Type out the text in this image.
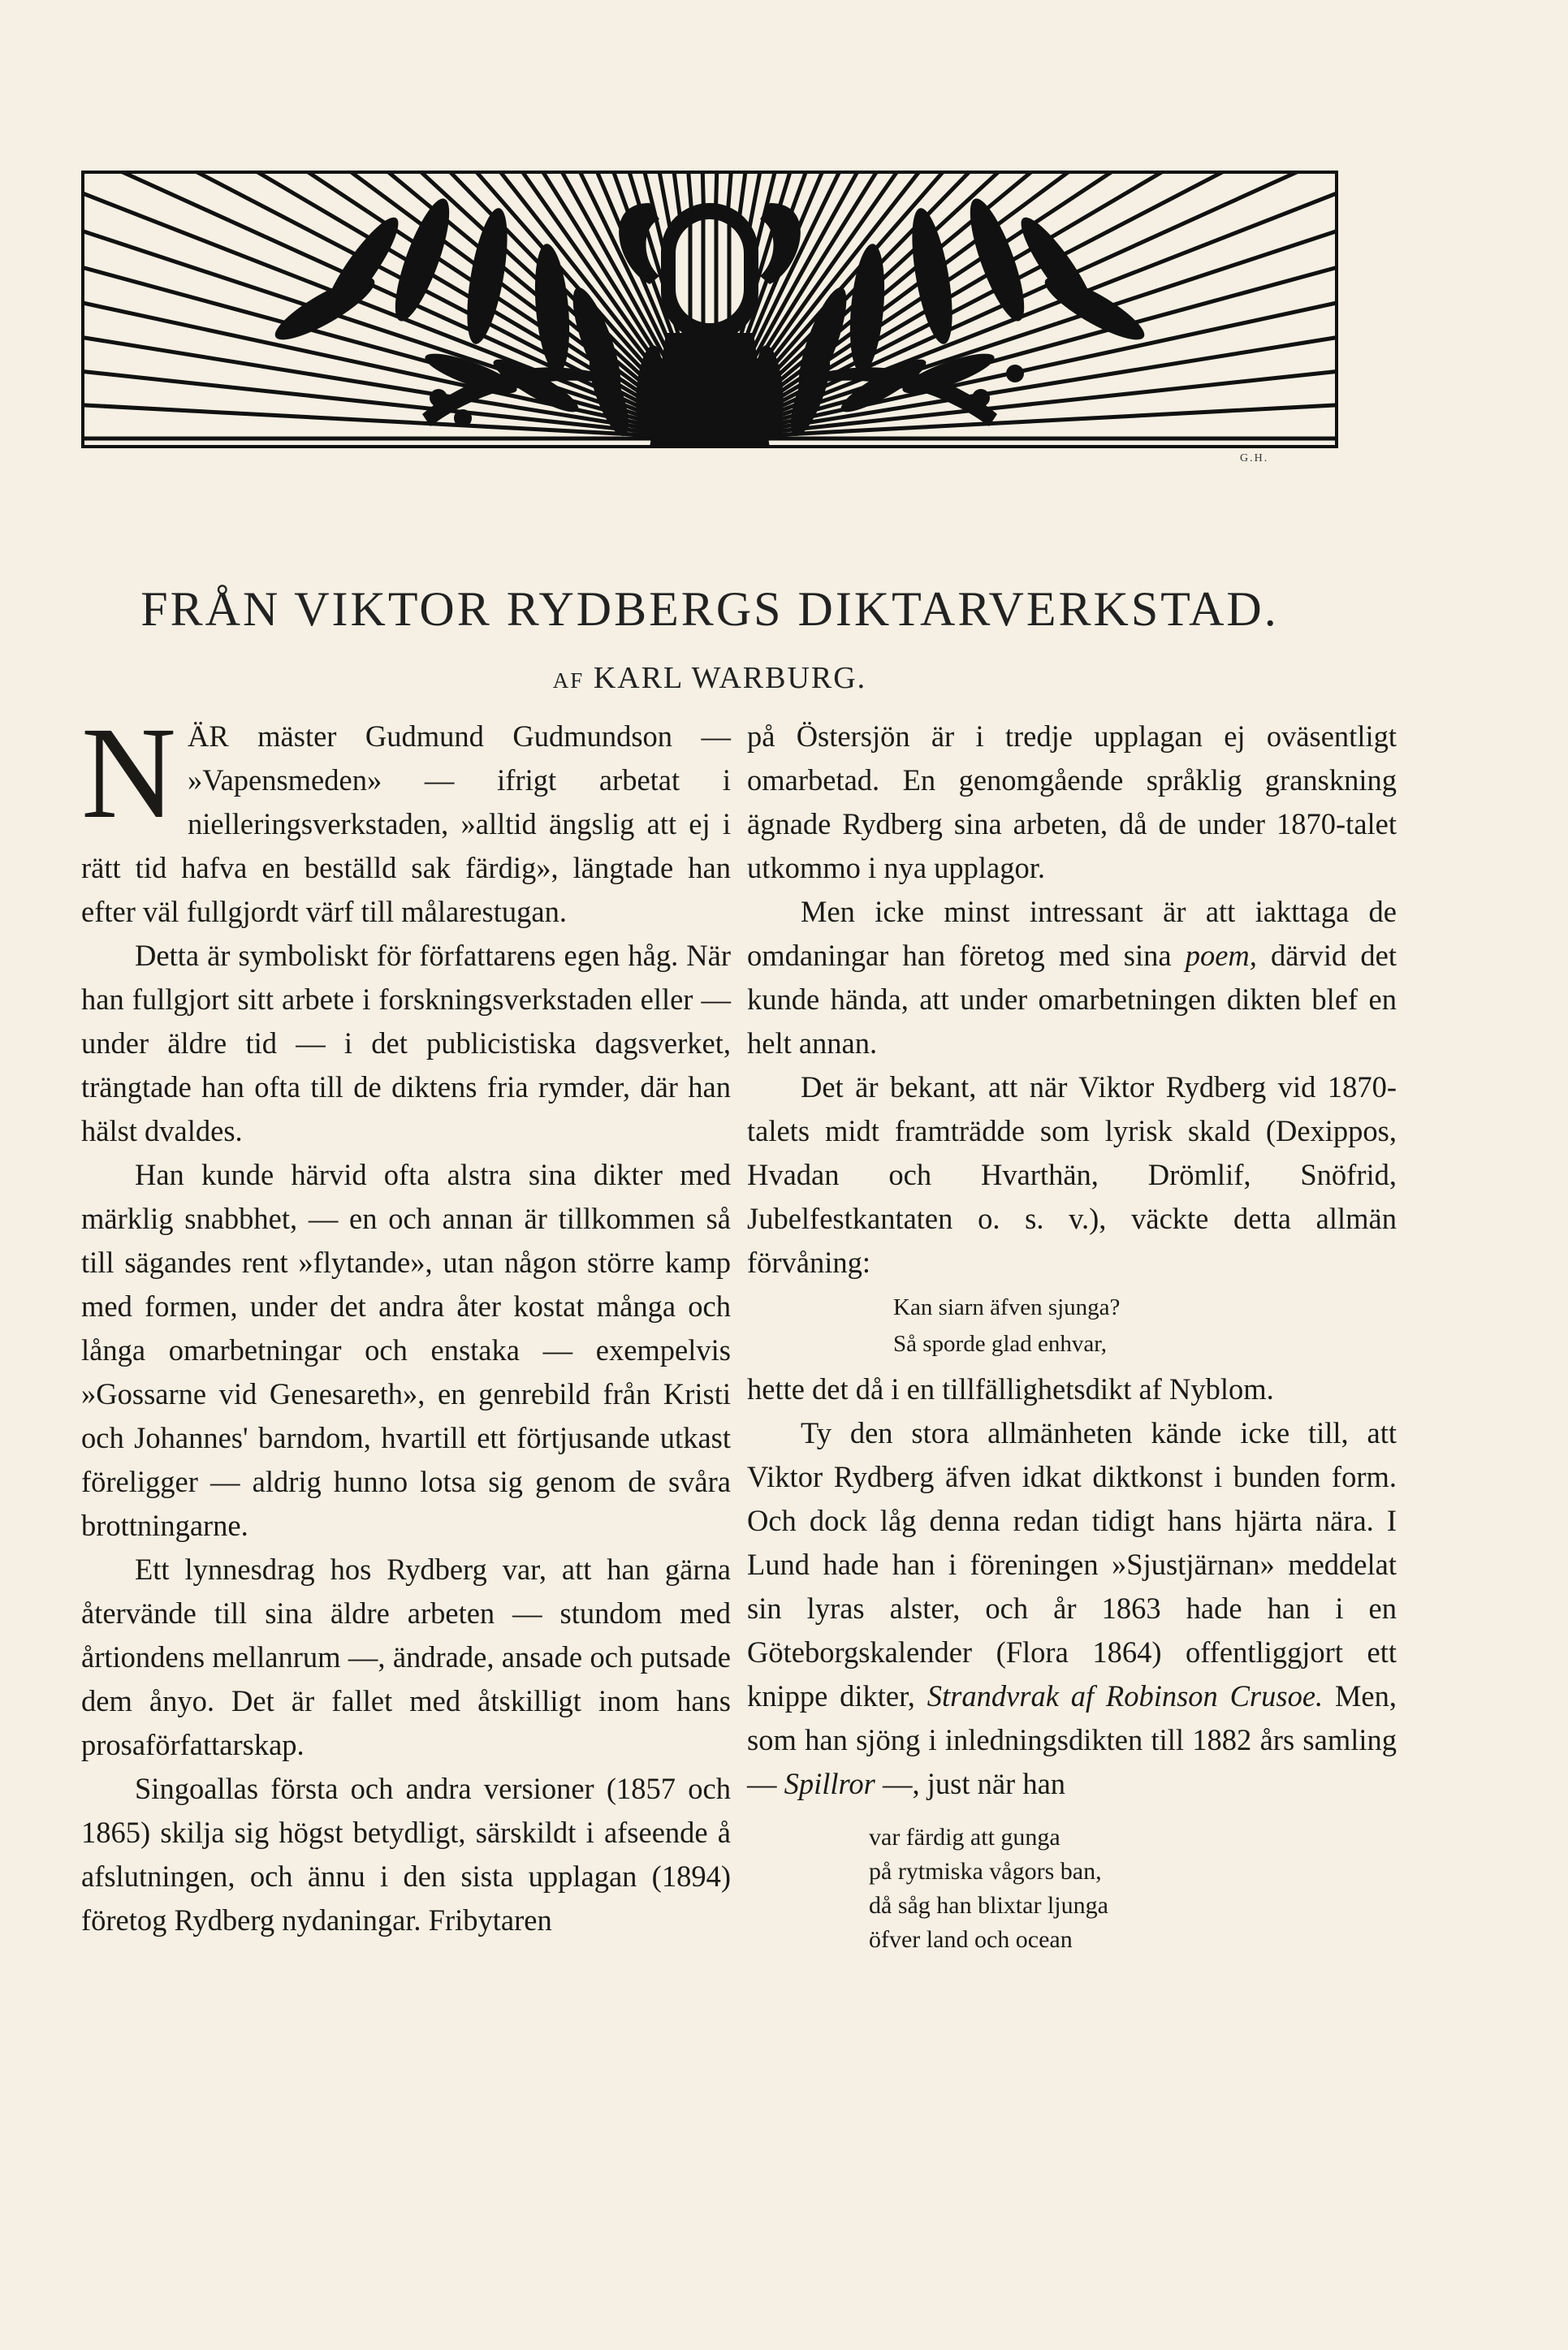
G.H.
FRÅN VIKTOR RYDBERGS DIKTARVERKSTAD.
AF KARL WARBURG.

NÄR mäster Gudmund Gudmundson — »Vapensmeden» — ifrigt arbetat i nielleringsverkstaden, »alltid ängslig att ej i rätt tid hafva en beställd sak färdig», längtade han efter väl fullgjordt värf till målarestugan.

Detta är symboliskt för författarens egen håg. När han fullgjort sitt arbete i forskningsverkstaden eller — under äldre tid — i det publicistiska dagsverket, trängtade han ofta till de diktens fria rymder, där han hälst dvaldes.

Han kunde härvid ofta alstra sina dikter med märklig snabbhet, — en och annan är tillkommen så till sägandes rent »flytande», utan någon större kamp med formen, under det andra åter kostat många och långa omarbetningar och enstaka — exempelvis »Gossarne vid Genesareth», en genrebild från Kristi och Johannes' barndom, hvartill ett förtjusande utkast föreligger — aldrig hunno lotsa sig genom de svåra brottningarne.

Ett lynnesdrag hos Rydberg var, att han gärna återvände till sina äldre arbeten — stundom med årtiondens mellanrum —, ändrade, ansade och putsade dem ånyo. Det är fallet med åtskilligt inom hans prosaförfattarskap.

Singoallas första och andra versioner (1857 och 1865) skilja sig högst betydligt, särskildt i afseende å afslutningen, och ännu i den sista upplagan (1894) företog Rydberg nydaningar. Fribytaren

på Östersjön är i tredje upplagan ej oväsentligt omarbetad. En genomgående språklig granskning ägnade Rydberg sina arbeten, då de under 1870-talet utkommo i nya upplagor.

Men icke minst intressant är att iakttaga de omdaningar han företog med sina poem, därvid det kunde hända, att under omarbetningen dikten blef en helt annan.

Det är bekant, att när Viktor Rydberg vid 1870-talets midt framträdde som lyrisk skald (Dexippos, Hvadan och Hvarthän, Drömlif, Snöfrid, Jubelfestkantaten o. s. v.), väckte detta allmän förvåning:

Kan siarn äfven sjunga?
Så sporde glad enhvar,

hette det då i en tillfällighetsdikt af Nyblom.

Ty den stora allmänheten kände icke till, att Viktor Rydberg äfven idkat diktkonst i bunden form. Och dock låg denna redan tidigt hans hjärta nära. I Lund hade han i föreningen »Sjustjärnan» meddelat sin lyras alster, och år 1863 hade han i en Göteborgskalender (Flora 1864) offentliggjort ett knippe dikter, Strandvrak af Robinson Crusoe. Men, som han sjöng i inledningsdikten till 1882 års samling — Spillror —, just när han

var färdig att gunga
på rytmiska vågors ban,
då såg han blixtar ljunga
öfver land och ocean
